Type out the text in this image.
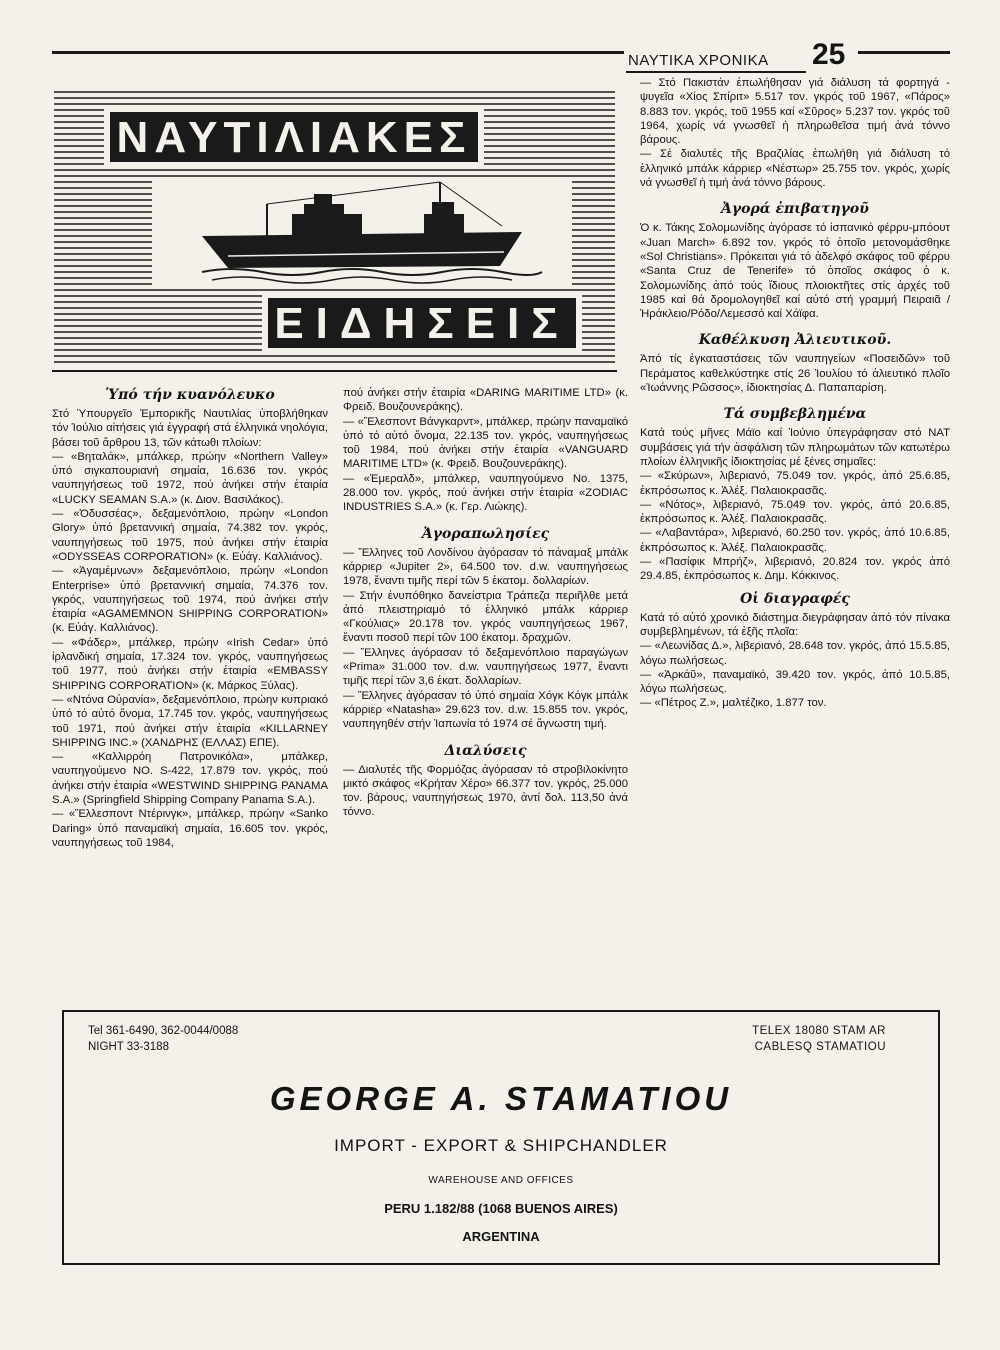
ΝΑΥΤΙΚΑ ΧΡΟΝΙΚΑ 25
ΝΑΥΤΙΛΙΑΚΕΣ
ΕΙΔΗΣΕΙΣ
Ὑπό τήν κυανόλευκο

Στό Ὑπουργεῖο Ἐμπορικῆς Ναυτιλίας ὑποβλήθηκαν τόν Ἰούλιο αἰτήσεις γιά ἐγγραφή στά ἑλληνικά νηολόγια, βάσει τοῦ ἄρθρου 13, τῶν κάτωθι πλοίων:

— «Βηταλάκ», μπάλκερ, πρώην «Northern Valley» ὑπό σιγκαπουριανή σημαία, 16.636 τον. γκρός ναυπηγήσεως τοῦ 1972, πού ἀνήκει στήν ἑταιρία «LUCKY SEAMAN S.A.» (κ. Διον. Βασιλάκος).

— «Ὀδυσσέας», δεξαμενόπλοιο, πρώην «London Glory» ὑπό βρεταννική σημαία, 74.382 τον. γκρός, ναυπηγήσεως τοῦ 1975, πού ἀνήκει στήν ἑταιρία «ODYSSEAS CORPORATION» (κ. Εὐάγ. Καλλιάνος).

— «Ἀγαμέμνων» δεξαμενόπλοιο, πρώην «London Enterprise» ὑπό βρεταννική σημαία, 74.376 τον. γκρός, ναυπηγήσεως τοῦ 1974, πού ἀνήκει στήν ἑταιρία «AGAMEMNON SHIPPING CORPORATION» (κ. Εὐάγ. Καλλιάνος).

— «Φάδερ», μπάλκερ, πρώην «Irish Cedar» ὑπό ἰρλανδική σημαία, 17.324 τον. γκρός, ναυπηγήσεως τοῦ 1977, πού ἀνήκει στήν ἑταιρία «EMBASSY SHIPPING CORPORATION» (κ. Μάρκος Ξύλας).

— «Ντόνα Οὐρανία», δεξαμενόπλοιο, πρώην κυπριακό ὑπό τό αὐτό ὄνομα, 17.745 τον. γκρός, ναυπηγήσεως τοῦ 1971, πού ἀνήκει στήν ἑταιρία «KILLARNEY SHIPPING INC.» (ΧΑΝΔΡΗΣ (ΕΛΛΑΣ) ΕΠΕ).

— «Καλλιρρόη Πατρονικόλα», μπάλκερ, ναυπηγούμενο NO. S-422, 17.879 τον. γκρός, πού ἀνήκει στήν ἑταιρία «WESTWIND SHIPPING PANAMA S.A.» (Springfield Shipping Company Panama S.A.).

— «Ἕλλεσποντ Ντέρινγκ», μπάλκερ, πρώην «Sanko Daring» ὑπό παναμαϊκή σημαία, 16.605 τον. γκρός, ναυπηγήσεως τοῦ 1984,

πού ἀνήκει στήν ἑταιρία «DARING MARITIME LTD» (κ. Φρειδ. Βουζουνεράκης).

— «Ἕλεσποντ Βάνγκαρντ», μπάλκερ, πρώην παναμαϊκό ὑπό τό αὐτό ὄνομα, 22.135 τον. γκρός, ναυπηγήσεως τοῦ 1984, πού ἀνήκει στήν ἑταιρία «VANGUARD MARITIME LTD» (κ. Φρειδ. Βουζουνεράκης).

— «Ἐμεραλδ», μπάλκερ, ναυπηγούμενο No. 1375, 28.000 τον. γκρός, πού ἀνήκει στήν ἑταιρία «ZODIAC INDUSTRIES S.A.» (κ. Γερ. Λιώκης).

Ἀγοραπωλησίες

— Ἕλληνες τοῦ Λονδίνου ἀγόρασαν τό πάναμαξ μπάλκ κάρριερ «Jupiter 2», 64.500 τον. d.w. ναυπηγήσεως 1978, ἔναντι τιμῆς περί τῶν 5 ἑκατομ. δολλαρίων.

— Στήν ἐνυπόθηκο δανείστρια Τράπεζα περιῆλθε μετά ἀπό πλειστηριαμό τό ἑλληνικό μπάλκ κάρριερ «Γκούλιας» 20.178 τον. γκρός ναυπηγήσεως 1967, ἔναντι ποσοῦ περί τῶν 100 ἑκατομ. δραχμῶν.

— Ἕλληνες ἀγόρασαν τό δεξαμενόπλοιο παραγώγων «Prima» 31.000 τον. d.w. ναυπηγήσεως 1977, ἔναντι τιμῆς περί τῶν 3,6 ἑκατ. δολλαρίων.

— Ἕλληνες ἀγόρασαν τό ὑπό σημαία Χόγκ Κόγκ μπάλκ κάρριερ «Natasha» 29.623 τον. d.w. 15.855 τον. γκρός, ναυπηγηθέν στήν Ἰαπωνία τό 1974 σέ ἄγνωστη τιμή.

Διαλύσεις

— Διαλυτές τῆς Φορμόζας ἀγόρασαν τό στροβιλοκίνητο μικτό σκάφος «Κρήταν Χέρο» 66.377 τον. γκρός, 25.000 τον. βάρους, ναυπηγήσεως 1970, ἀντί δολ. 113,50 ἀνά τόννο.

— Στό Πακιστάν ἐπωλήθησαν γιά διάλυση τά φορτηγά - ψυγεῖα «Χίος Σπίριτ» 5.517 τον. γκρός τοῦ 1967, «Πάρος» 8.883 τον. γκρός, τοῦ 1955 καί «Σῦρος» 5.237 τον. γκρός τοῦ 1964, χωρίς νά γνωσθεῖ ἡ πληρωθεῖσα τιμή ἀνά τόννο βάρους.

— Σέ διαλυτές τῆς Βραζιλίας ἐπωλήθη γιά διάλυση τό ἑλληνικό μπάλκ κάρριερ «Νέστωρ» 25.755 τον. γκρός, χωρίς νά γνωσθεῖ ἡ τιμή ἀνά τόννο βάρους.

Ἀγορά ἐπιβατηγοῦ

Ὁ κ. Τάκης Σολομωνίδης ἀγόρασε τό ἰσπανικό φέρρυ-μπόουτ «Juan March» 6.892 τον. γκρός τό ὁποῖο μετονομάσθηκε «Sol Christians». Πρόκειται γιά τό ἀδελφό σκάφος τοῦ φέρρυ «Santa Cruz de Tenerife» τό ὁποῖος σκάφος ὁ κ. Σολομωνίδης ἀπό τούς ἴδιους πλοιοκτῆτες στίς ἀρχές τοῦ 1985 καί θά δρομολογηθεῖ καί αὐτό στή γραμμή Πειραιᾶ /Ἡράκλειο/Ρόδο/Λεμεσσό καί Χάϊφα.

Καθέλκυση Ἀλιευτικοῦ.

Ἀπό τίς ἐγκαταστάσεις τῶν ναυπηγείων «Ποσειδῶν» τοῦ Περάματος καθελκύστηκε στίς 26 Ἰουλίου τό ἀλιευτικό πλοῖο «Ἰωάννης Ρῶσσος», ἰδιοκτησίας Δ. Παπαπαρίση.

Τά συμβεβλημένα

Κατά τούς μῆνες Μάϊο καί Ἰούνιο ὑπεγράφησαν στό ΝΑΤ συμβάσεις γιά τήν ἀσφάλιση τῶν πληρωμάτων τῶν κατωτέρω πλοίων ἑλληνικῆς ἰδιοκτησίας μέ ξένες σημαῖες:

— «Σκύρων», λιβεριανό, 75.049 τον. γκρός, ἀπό 25.6.85, ἐκπρόσωπος κ. Ἀλέξ. Παλαιοκρασᾶς.

— «Νότος», λιβεριανό, 75.049 τον. γκρός, ἀπό 20.6.85, ἐκπρόσωπος κ. Ἀλέξ. Παλαιοκρασᾶς.

— «Λαβαντάρα», λιβεριανό, 60.250 τον. γκρός, ἀπό 10.6.85, ἐκπρόσωπος κ. Ἀλέξ. Παλαιοκρασᾶς.

— «Πασίφικ Μπρήζ», λιβεριανό, 20.824 τον. γκρός ἀπό 29.4.85, ἐκπρόσωπος κ. Δημ. Κόκκινος.

Οἱ διαγραφές

Κατά τό αὐτό χρονικό διάστημα διεγράφησαν ἀπό τόν πίνακα συμβεβλημένων, τά ἑξῆς πλοῖα:

— «Λεωνίδας Δ.», λιβεριανό, 28.648 τον. γκρός, ἀπό 15.5.85, λόγω πωλήσεως.

— «Ἀρκάῦ», παναμαϊκό, 39.420 τον. γκρός, ἀπό 10.5.85, λόγω πωλήσεως.

— «Πέτρος Ζ.», μαλτέζικο, 1.877 τον.

Tel 361-6490, 362-0044/0088
NIGHT 33-3188
TELEX 18080 STAM AR
CABLESQ STAMATIOU
GEORGE A. STAMATIOU
IMPORT - EXPORT & SHIPCHANDLER
WAREHOUSE AND OFFICES
PERU 1.182/88 (1068 BUENOS AIRES)
ARGENTINA
